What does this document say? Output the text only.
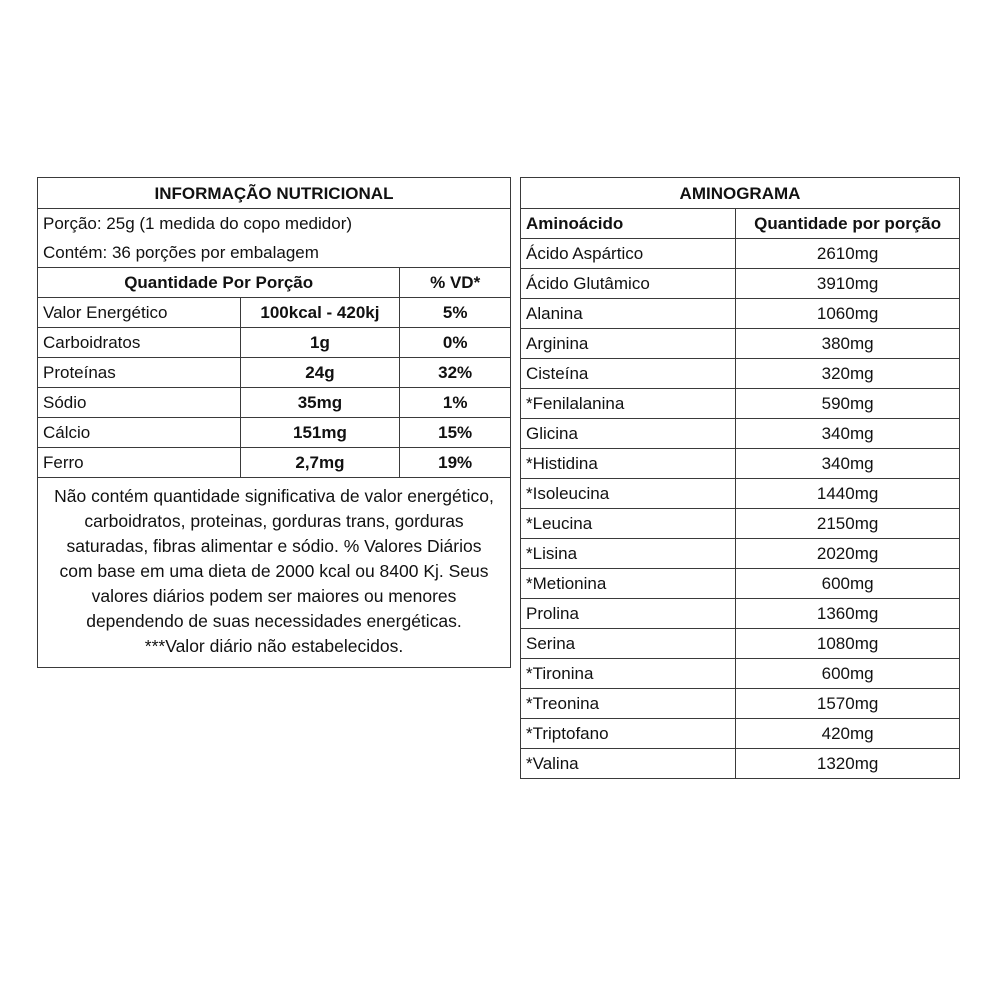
INFORMAÇÃO NUTRICIONAL		
Porção: 25g (1 medida do copo medidor)		
Contém: 36 porções por embalagem		
Quantidade Por Porção		% VD*
Valor Energético	100kcal - 420kj	5%
Carboidratos	1g	0%
Proteínas	24g	32%
Sódio	35mg	1%
Cálcio	151mg	15%
Ferro	2,7mg	19%

Não contém quantidade significativa de valor energético, carboidratos, proteinas, gorduras trans, gorduras saturadas, fibras alimentar e sódio. % Valores Diários com base em uma dieta de 2000 kcal ou 8400 Kj. Seus valores diários podem ser maiores ou menores dependendo de suas necessidades energéticas.
***Valor diário não estabelecidos.		
AMINOGRAMA	
Aminoácido	Quantidade por porção
Ácido Aspártico	2610mg
Ácido Glutâmico	3910mg
Alanina	1060mg
Arginina	380mg
Cisteína	320mg
*Fenilalanina	590mg
Glicina	340mg
*Histidina	340mg
*Isoleucina	1440mg
*Leucina	2150mg
*Lisina	2020mg
*Metionina	600mg
Prolina	1360mg
Serina	1080mg
*Tironina	600mg
*Treonina	1570mg
*Triptofano	420mg
*Valina	1320mg
